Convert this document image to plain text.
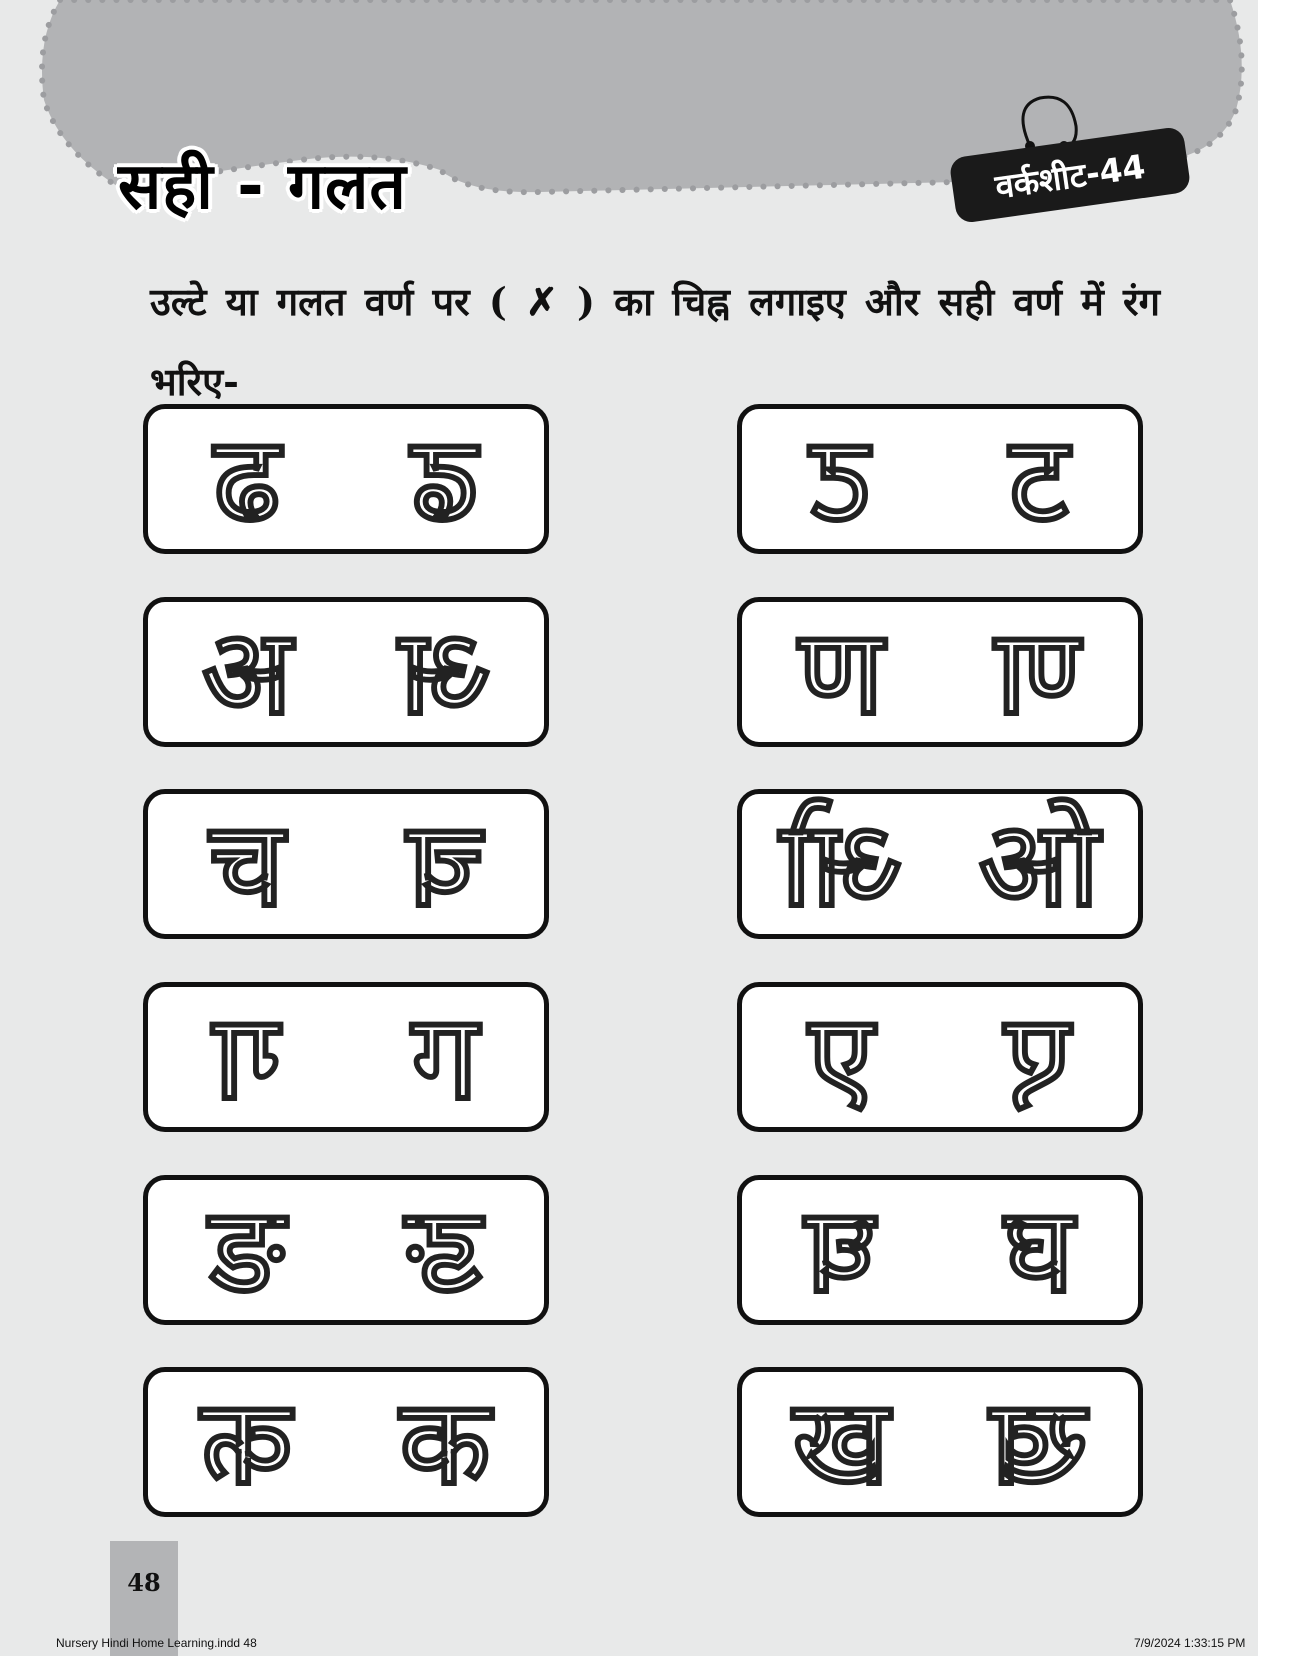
सही - गलत	वर्कशीट-44
उल्टे या गलत वर्ण पर ( ✗ ) का चिह्न लगाइए और सही वर्ण में रंग भरिए-
ढ ढ
अ अ
च च
ग ग
ङ ङ
क क
ट ट
ण ण
ओ ओ
ए ए
घ घ
ख ख
48
Nursery Hindi Home Learning.indd 48	7/9/2024 1:33:15 PM
